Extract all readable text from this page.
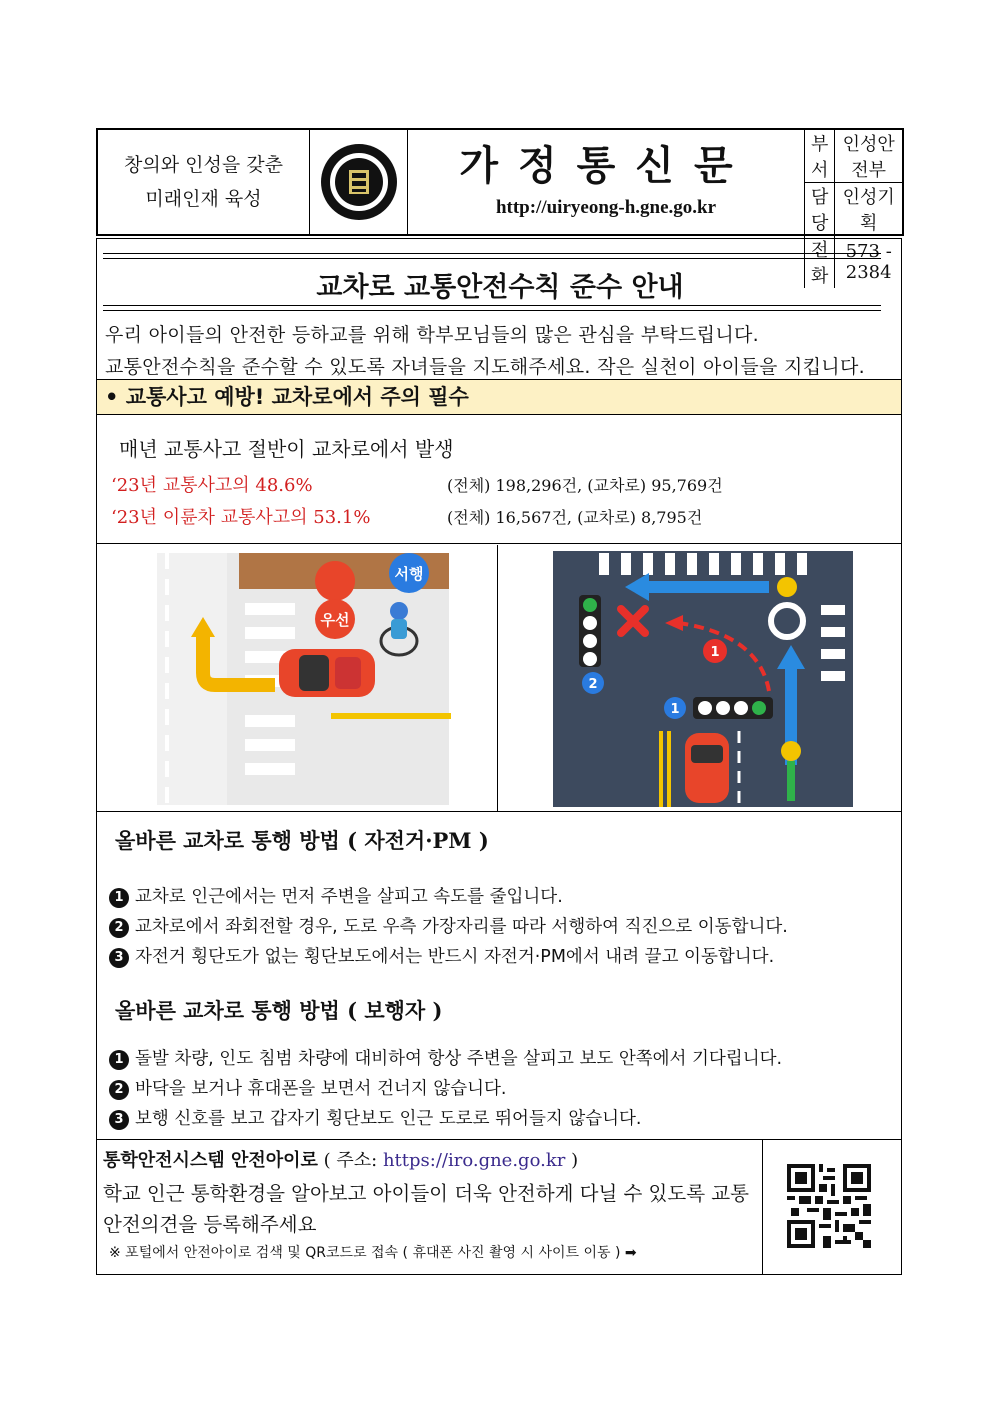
창의와 인성을 갖춘
미래인재 육성
가정통신문
http://uiryeong-h.gne.go.kr
부서	인성안전부
담당	인성기획
전화	573 - 2384
교차로 교통안전수칙 준수 안내
우리 아이들의 안전한 등하교를 위해 학부모님들의 많은 관심을 부탁드립니다.
교통안전수칙을 준수할 수 있도록 자녀들을 지도해주세요. 작은 실천이 아이들을 지킵니다.
• 교통사고 예방! 교차로에서 주의 필수
매년 교통사고 절반이 교차로에서 발생
‘23년 교통사고의 48.6%	(전체) 198,296건, (교차로) 95,769건
‘23년 이륜차 교통사고의 53.1%	(전체) 16,567건, (교차로) 8,795건
우선
서행
1
1
2
올바른 교차로 통행 방법 ( 자전거·PM )
1 교차로 인근에서는 먼저 주변을 살피고 속도를 줄입니다.
2 교차로에서 좌회전할 경우, 도로 우측 가장자리를 따라 서행하여 직진으로 이동합니다.
3 자전거 횡단도가 없는 횡단보도에서는 반드시 자전거·PM에서 내려 끌고 이동합니다.
올바른 교차로 통행 방법 ( 보행자 )
1 돌발 차량, 인도 침범 차량에 대비하여 항상 주변을 살피고 보도 안쪽에서 기다립니다.
2 바닥을 보거나 휴대폰을 보면서 건너지 않습니다.
3 보행 신호를 보고 갑자기 횡단보도 인근 도로로 뛰어들지 않습니다.
통학안전시스템 안전아이로 ( 주소: https://iro.gne.go.kr )
학교 인근 통학환경을 알아보고 아이들이 더욱 안전하게 다닐 수 있도록 교통안전의견을 등록해주세요
※ 포털에서 안전아이로 검색 및 QR코드로 접속 ( 휴대폰 사진 촬영 시 사이트 이동 ) ➡
